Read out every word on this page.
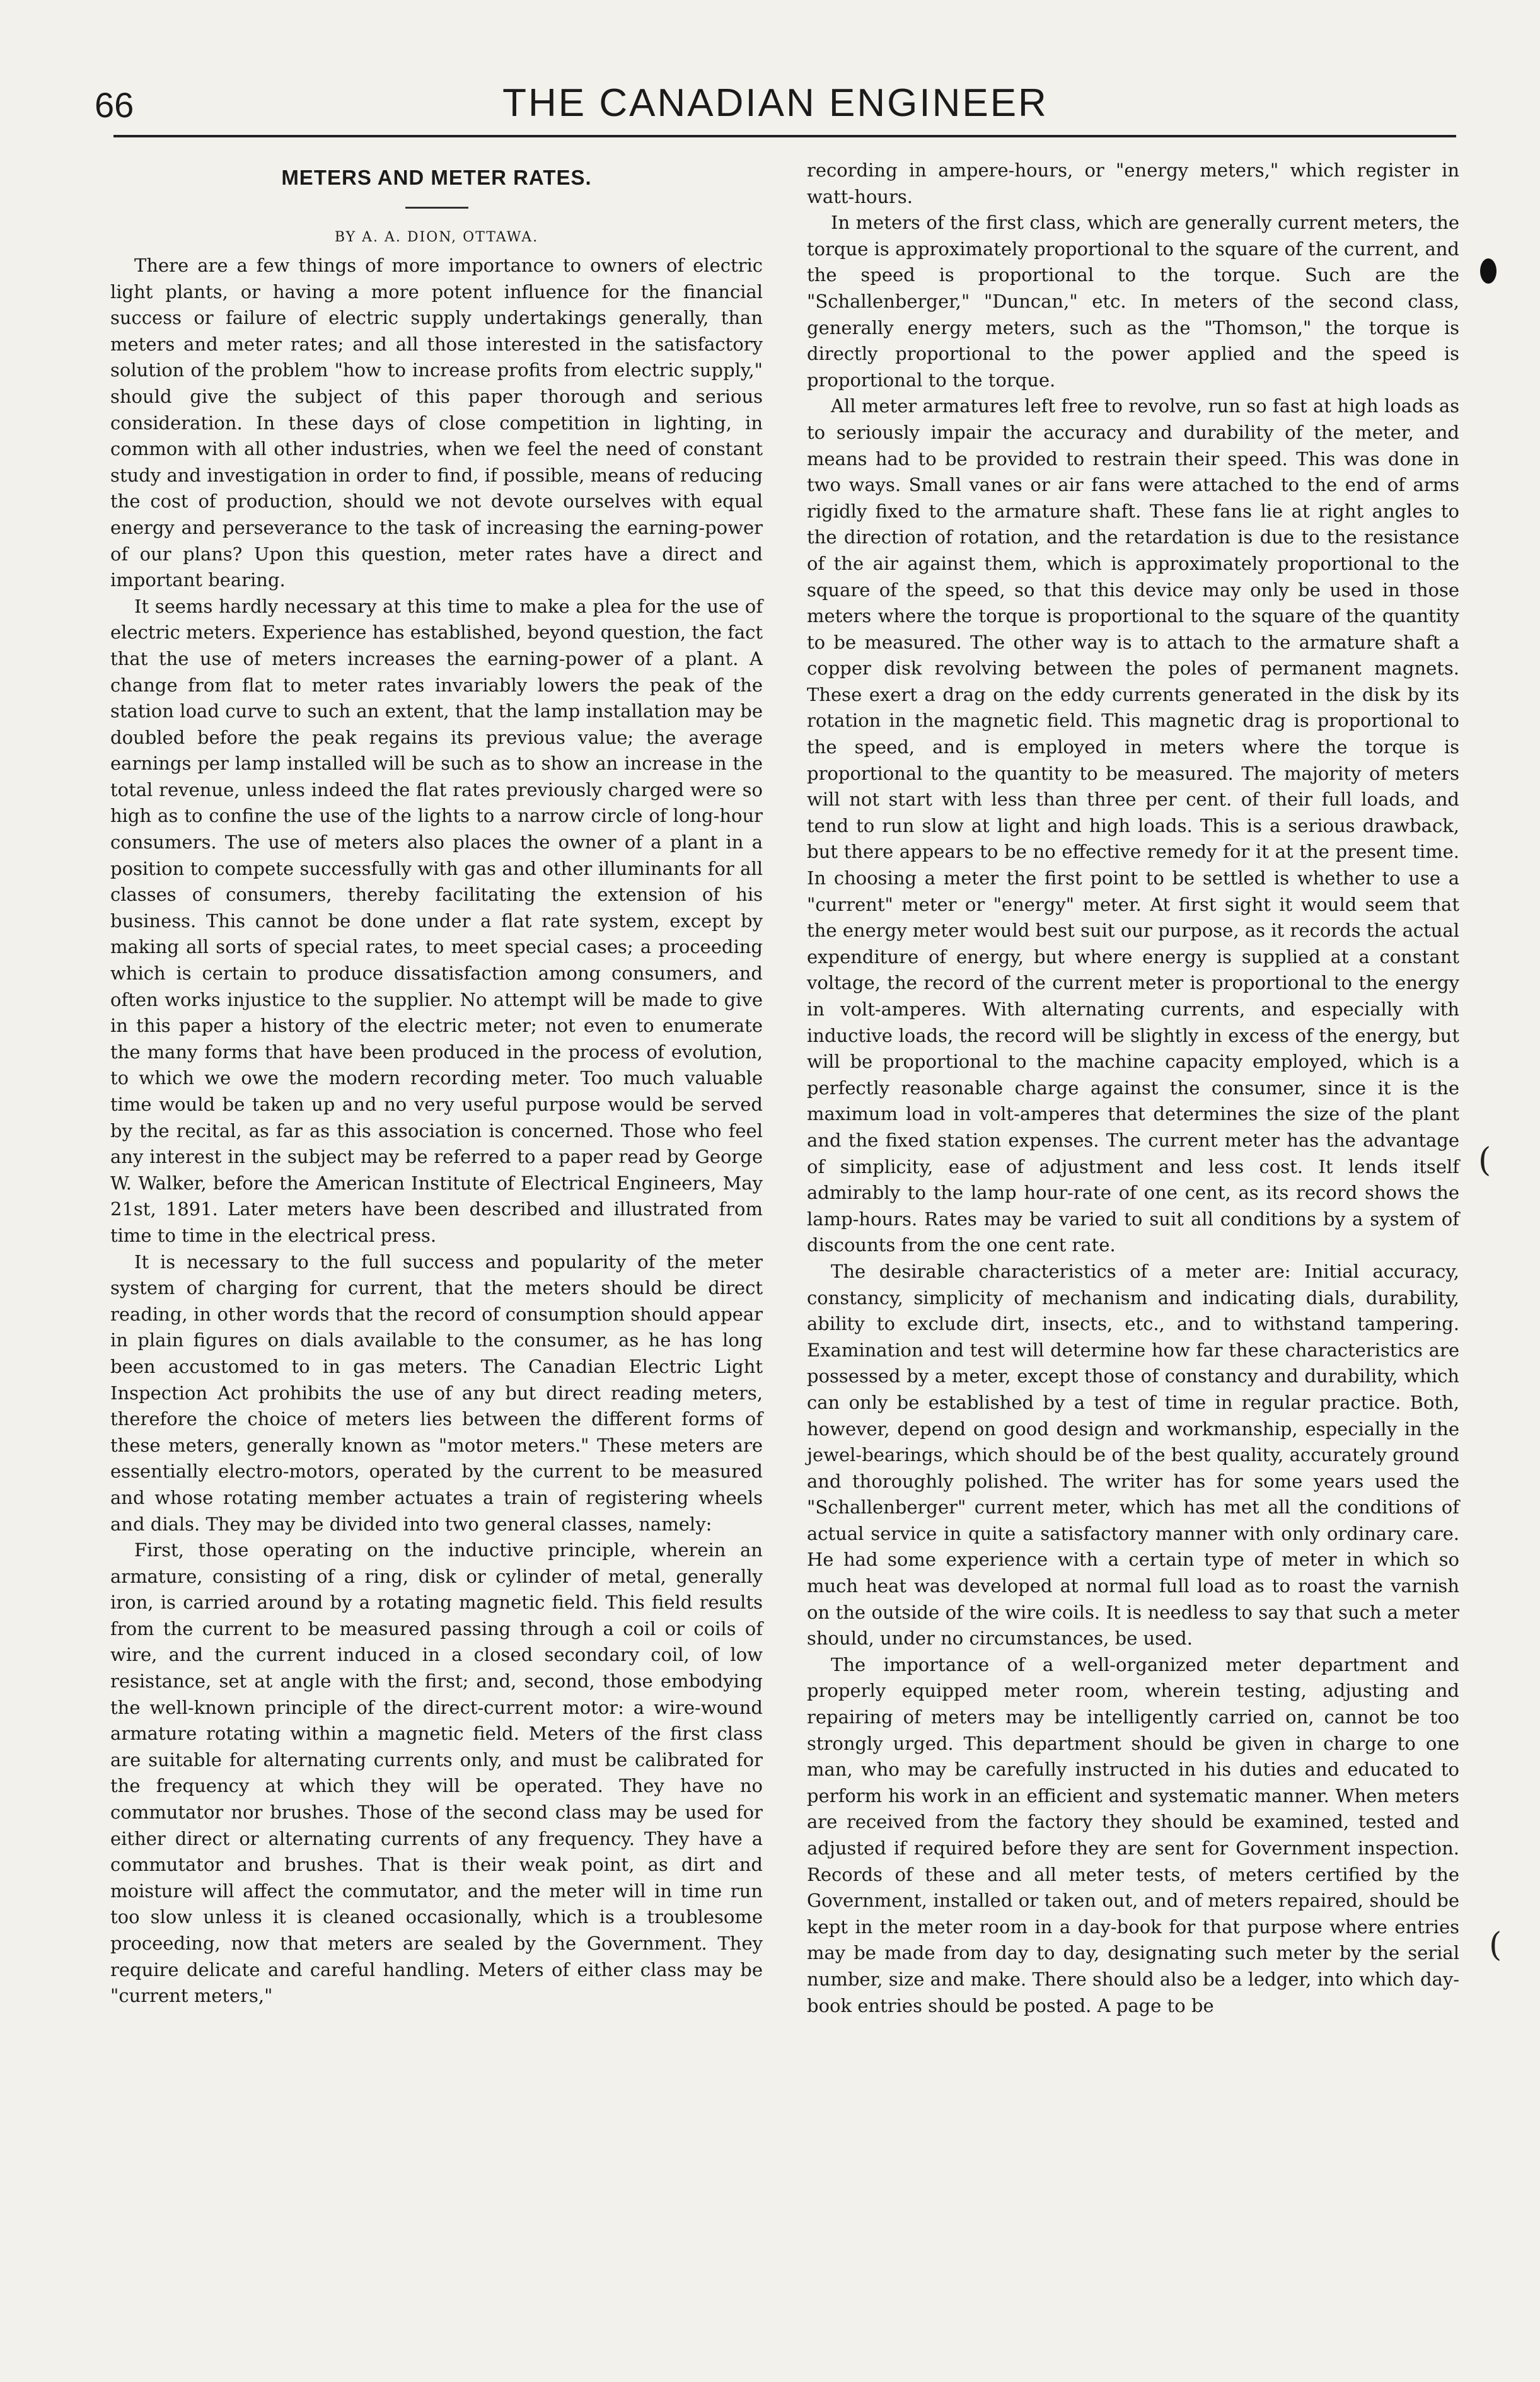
66	THE CANADIAN ENGINEER
METERS AND METER RATES.
BY A. A. DION, OTTAWA.

There are a few things of more importance to owners of electric light plants, or having a more potent influence for the financial success or failure of electric supply undertakings generally, than meters and meter rates; and all those interested in the satisfactory solution of the problem "how to increase profits from electric supply," should give the subject of this paper thorough and serious consideration. In these days of close competition in lighting, in common with all other industries, when we feel the need of constant study and investigation in order to find, if possible, means of reducing the cost of production, should we not devote ourselves with equal energy and perseverance to the task of increasing the earning-power of our plans? Upon this question, meter rates have a direct and important bearing.

It seems hardly necessary at this time to make a plea for the use of electric meters. Experience has established, beyond question, the fact that the use of meters increases the earning-power of a plant. A change from flat to meter rates invariably lowers the peak of the station load curve to such an extent, that the lamp installation may be doubled before the peak regains its previous value; the average earnings per lamp installed will be such as to show an increase in the total revenue, unless indeed the flat rates previously charged were so high as to confine the use of the lights to a narrow circle of long-hour consumers. The use of meters also places the owner of a plant in a position to compete successfully with gas and other illuminants for all classes of consumers, thereby facilitating the extension of his business. This cannot be done under a flat rate system, except by making all sorts of special rates, to meet special cases; a proceeding which is certain to produce dissatisfaction among consumers, and often works injustice to the supplier. No attempt will be made to give in this paper a history of the electric meter; not even to enumerate the many forms that have been produced in the process of evolution, to which we owe the modern recording meter. Too much valuable time would be taken up and no very useful purpose would be served by the recital, as far as this association is concerned. Those who feel any interest in the subject may be referred to a paper read by George W. Walker, before the American Institute of Electrical Engineers, May 21st, 1891. Later meters have been described and illustrated from time to time in the electrical press.

It is necessary to the full success and popularity of the meter system of charging for current, that the meters should be direct reading, in other words that the record of consumption should appear in plain figures on dials available to the consumer, as he has long been accustomed to in gas meters. The Canadian Electric Light Inspection Act prohibits the use of any but direct reading meters, therefore the choice of meters lies between the different forms of these meters, generally known as "motor meters." These meters are essentially electro-motors, operated by the current to be measured and whose rotating member actuates a train of registering wheels and dials. They may be divided into two general classes, namely:

First, those operating on the inductive principle, wherein an armature, consisting of a ring, disk or cylinder of metal, generally iron, is carried around by a rotating magnetic field. This field results from the current to be measured passing through a coil or coils of wire, and the current induced in a closed secondary coil, of low resistance, set at angle with the first; and, second, those embodying the well-known principle of the direct-current motor: a wire-wound armature rotating within a magnetic field. Meters of the first class are suitable for alternating currents only, and must be calibrated for the frequency at which they will be operated. They have no commutator nor brushes. Those of the second class may be used for either direct or alternating currents of any frequency. They have a commutator and brushes. That is their weak point, as dirt and moisture will affect the commutator, and the meter will in time run too slow unless it is cleaned occasionally, which is a troublesome proceeding, now that meters are sealed by the Government. They require delicate and careful handling. Meters of either class may be "current meters,"

recording in ampere-hours, or "energy meters," which register in watt-hours.

In meters of the first class, which are generally current meters, the torque is approximately proportional to the square of the current, and the speed is proportional to the torque. Such are the "Schallenberger," "Duncan," etc. In meters of the second class, generally energy meters, such as the "Thomson," the torque is directly proportional to the power applied and the speed is proportional to the torque.

All meter armatures left free to revolve, run so fast at high loads as to seriously impair the accuracy and durability of the meter, and means had to be provided to restrain their speed. This was done in two ways. Small vanes or air fans were attached to the end of arms rigidly fixed to the armature shaft. These fans lie at right angles to the direction of rotation, and the retardation is due to the resistance of the air against them, which is approximately proportional to the square of the speed, so that this device may only be used in those meters where the torque is proportional to the square of the quantity to be measured. The other way is to attach to the armature shaft a copper disk revolving between the poles of permanent magnets. These exert a drag on the eddy currents generated in the disk by its rotation in the magnetic field. This magnetic drag is proportional to the speed, and is employed in meters where the torque is proportional to the quantity to be measured. The majority of meters will not start with less than three per cent. of their full loads, and tend to run slow at light and high loads. This is a serious drawback, but there appears to be no effective remedy for it at the present time. In choosing a meter the first point to be settled is whether to use a "current" meter or "energy" meter. At first sight it would seem that the energy meter would best suit our purpose, as it records the actual expenditure of energy, but where energy is supplied at a constant voltage, the record of the current meter is proportional to the energy in volt-amperes. With alternating currents, and especially with inductive loads, the record will be slightly in excess of the energy, but will be proportional to the machine capacity employed, which is a perfectly reasonable charge against the consumer, since it is the maximum load in volt-amperes that determines the size of the plant and the fixed station expenses. The current meter has the advantage of simplicity, ease of adjustment and less cost. It lends itself admirably to the lamp hour-rate of one cent, as its record shows the lamp-hours. Rates may be varied to suit all conditions by a system of discounts from the one cent rate.

The desirable characteristics of a meter are: Initial accuracy, constancy, simplicity of mechanism and indicating dials, durability, ability to exclude dirt, insects, etc., and to withstand tampering. Examination and test will determine how far these characteristics are possessed by a meter, except those of constancy and durability, which can only be established by a test of time in regular practice. Both, however, depend on good design and workmanship, especially in the jewel-bearings, which should be of the best quality, accurately ground and thoroughly polished. The writer has for some years used the "Schallenberger" current meter, which has met all the conditions of actual service in quite a satisfactory manner with only ordinary care. He had some experience with a certain type of meter in which so much heat was developed at normal full load as to roast the varnish on the outside of the wire coils. It is needless to say that such a meter should, under no circumstances, be used.

The importance of a well-organized meter department and properly equipped meter room, wherein testing, adjusting and repairing of meters may be intelligently carried on, cannot be too strongly urged. This department should be given in charge to one man, who may be carefully instructed in his duties and educated to perform his work in an efficient and systematic manner. When meters are received from the factory they should be examined, tested and adjusted if required before they are sent for Government inspection. Records of these and all meter tests, of meters certified by the Government, installed or taken out, and of meters repaired, should be kept in the meter room in a day-book for that purpose where entries may be made from day to day, designating such meter by the serial number, size and make. There should also be a ledger, into which day-book entries should be posted. A page to be

(
(
